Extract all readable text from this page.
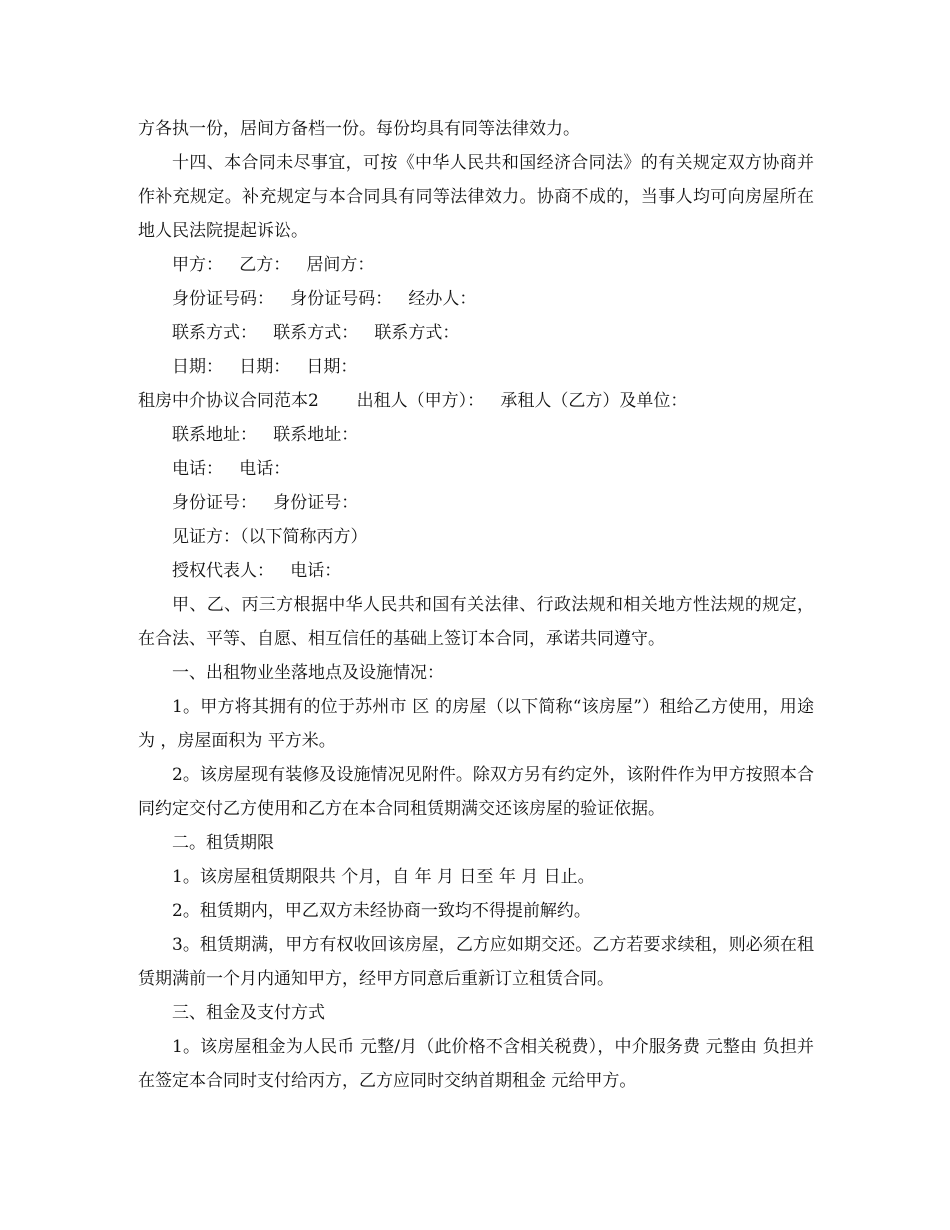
方各执一份，居间方备档一份。每份均具有同等法律效力。

十四、本合同未尽事宜，可按《中华人民共和国经济合同法》的有关规定双方协商并作补充规定。补充规定与本合同具有同等法律效力。协商不成的，当事人均可向房屋所在地人民法院提起诉讼。

甲方：   乙方：   居间方：

身份证号码：   身份证号码：   经办人：

联系方式：   联系方式：   联系方式：

日期：   日期：   日期：

租房中介协议合同范本2       出租人（甲方）：   承租人（乙方）及单位：

联系地址：   联系地址：

电话：   电话：

身份证号：   身份证号：

见证方：（以下简称丙方）

授权代表人：   电话：

甲、乙、丙三方根据中华人民共和国有关法律、行政法规和相关地方性法规的规定，在合法、平等、自愿、相互信任的基础上签订本合同，承诺共同遵守。

一、出租物业坐落地点及设施情况：

1。甲方将其拥有的位于苏州市 区 的房屋（以下简称“该房屋”）租给乙方使用，用途为 ，房屋面积为 平方米。

2。该房屋现有装修及设施情况见附件。除双方另有约定外，该附件作为甲方按照本合同约定交付乙方使用和乙方在本合同租赁期满交还该房屋的验证依据。

二。租赁期限

1。该房屋租赁期限共 个月，自 年 月 日至 年 月 日止。

2。租赁期内，甲乙双方未经协商一致均不得提前解约。

3。租赁期满，甲方有权收回该房屋，乙方应如期交还。乙方若要求续租，则必须在租赁期满前一个月内通知甲方，经甲方同意后重新订立租赁合同。

三、租金及支付方式

1。该房屋租金为人民币 元整/月（此价格不含相关税费），中介服务费 元整由 负担并在签定本合同时支付给丙方，乙方应同时交纳首期租金 元给甲方。
